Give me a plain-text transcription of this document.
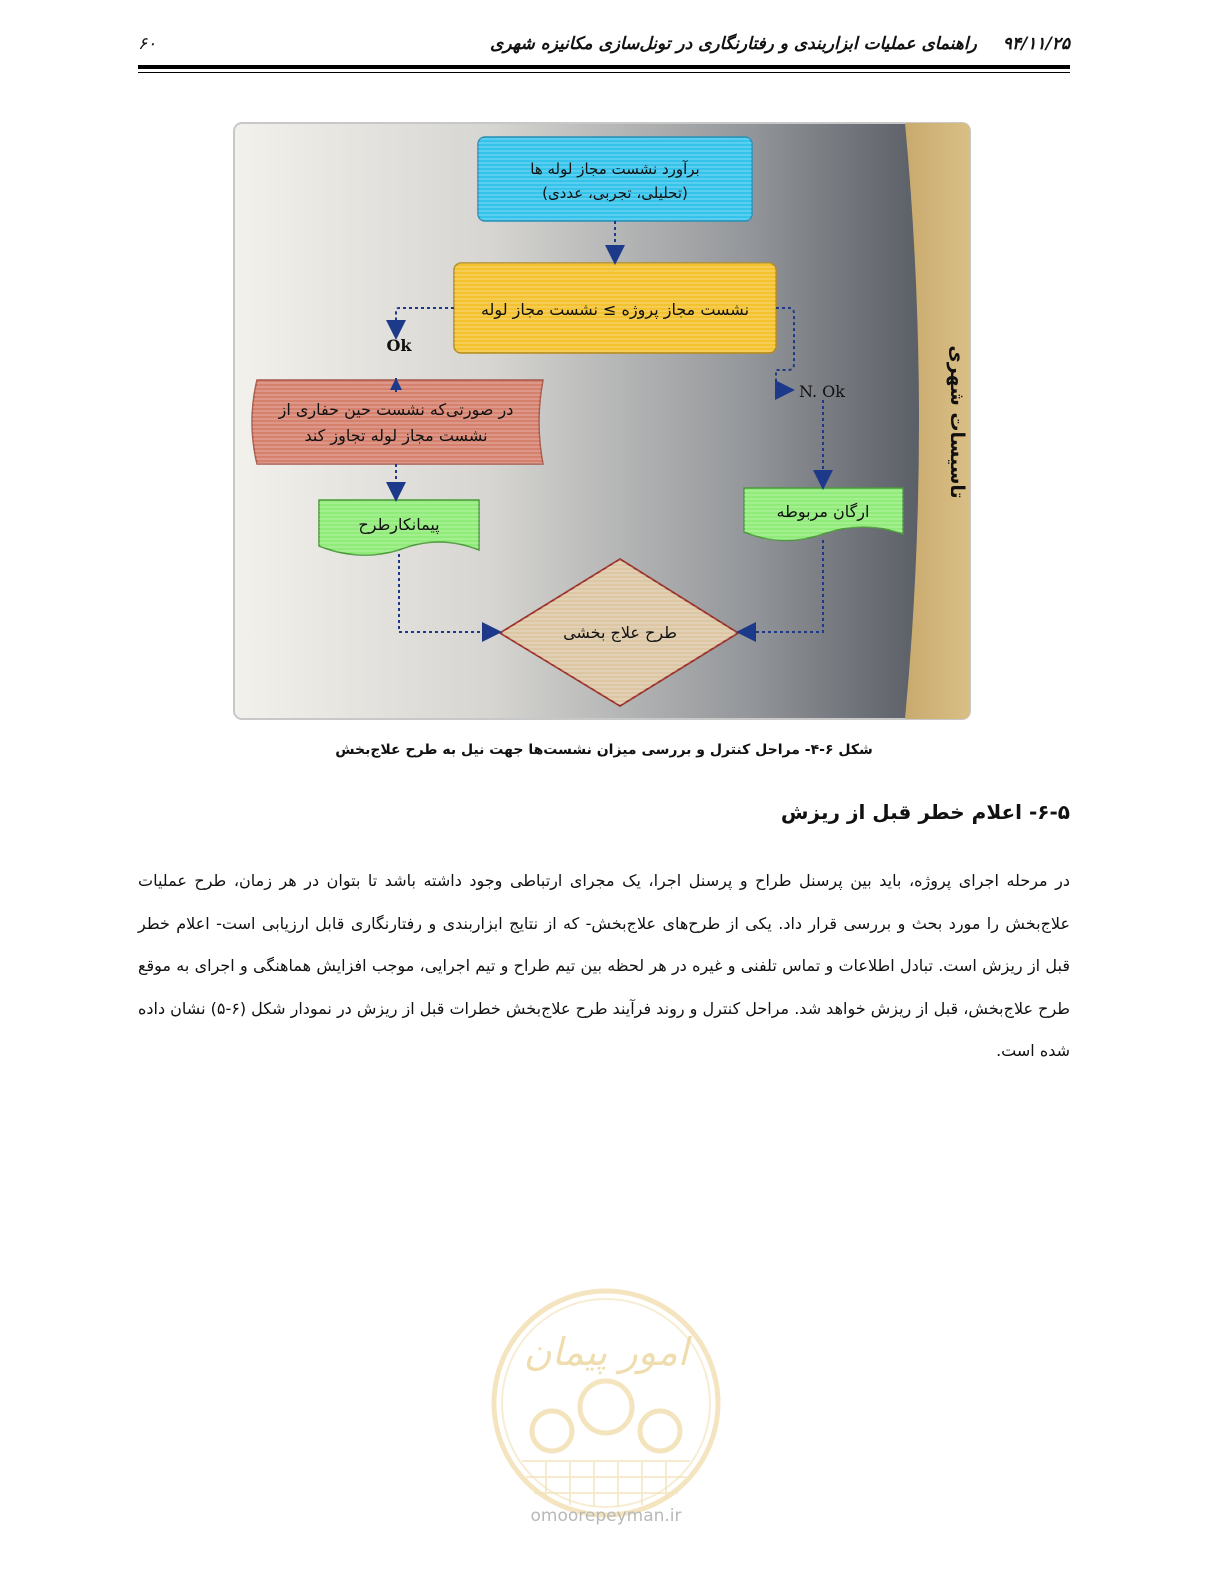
۹۴/۱۱/۲۵راهنمای عملیات ابزاربندی و رفتارنگاری در تونل‌سازی مکانیزه شهری
۶۰
تاسیسات شهری
برآورد نشست مجاز لوله ها
(تحلیلی، تجربی، عددی)
نشست مجاز پروژه ≥ نشست مجاز لوله
در صورتی‌که نشست حین حفاری از
نشست مجاز لوله تجاوز کند
پیمانکارطرح
ارگان مربوطه
طرح علاج بخشی
Ok
N. Ok
شکل ۶-۴- مراحل کنترل و بررسی میزان نشست‌ها جهت نیل به طرح علاج‌بخش
۶-۵- اعلام خطر قبل از ریزش

در مرحله اجرای پروژه، باید بین پرسنل طراح و پرسنل اجرا، یک مجرای ارتباطی وجود داشته باشد تا بتوان در هر زمان، طرح عملیات علاج‌بخش را مورد بحث و بررسی قرار داد. یکی از طرح‌های علاج‌بخش- که از نتایج ابزاربندی و رفتارنگاری قابل ارزیابی است- اعلام خطر قبل از ریزش است. تبادل اطلاعات و تماس تلفنی و غیره در هر لحظه بین تیم طراح و تیم اجرایی، موجب افزایش هماهنگی و اجرای به موقع طرح علاج‌بخش، قبل از ریزش خواهد شد. مراحل کنترل و روند فرآیند طرح علاج‌بخش خطرات قبل از ریزش در نمودار شکل (۶-۵) نشان داده شده است.

امور پیمان
omoorepeyman.ir
